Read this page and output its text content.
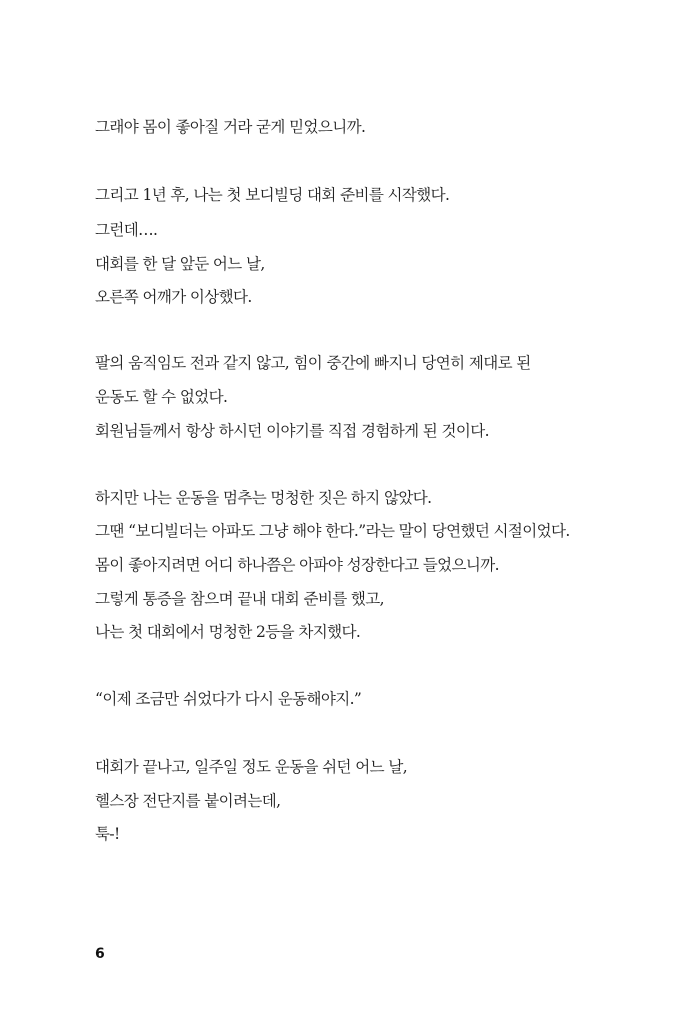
그래야 몸이 좋아질 거라 굳게 믿었으니까.
그리고 1년 후, 나는 첫 보디빌딩 대회 준비를 시작했다.
그런데….
대회를 한 달 앞둔 어느 날,
오른쪽 어깨가 이상했다.
팔의 움직임도 전과 같지 않고, 힘이 중간에 빠지니 당연히 제대로 된
운동도 할 수 없었다.
회원님들께서 항상 하시던 이야기를 직접 경험하게 된 것이다.
하지만 나는 운동을 멈추는 멍청한 짓은 하지 않았다.
그땐 “보디빌더는 아파도 그냥 해야 한다.”라는 말이 당연했던 시절이었다.
몸이 좋아지려면 어디 하나쯤은 아파야 성장한다고 들었으니까.
그렇게 통증을 참으며 끝내 대회 준비를 했고,
나는 첫 대회에서 멍청한 2등을 차지했다.
“이제 조금만 쉬었다가 다시 운동해야지.”
대회가 끝나고, 일주일 정도 운동을 쉬던 어느 날,
헬스장 전단지를 붙이려는데,
툭-!
6
